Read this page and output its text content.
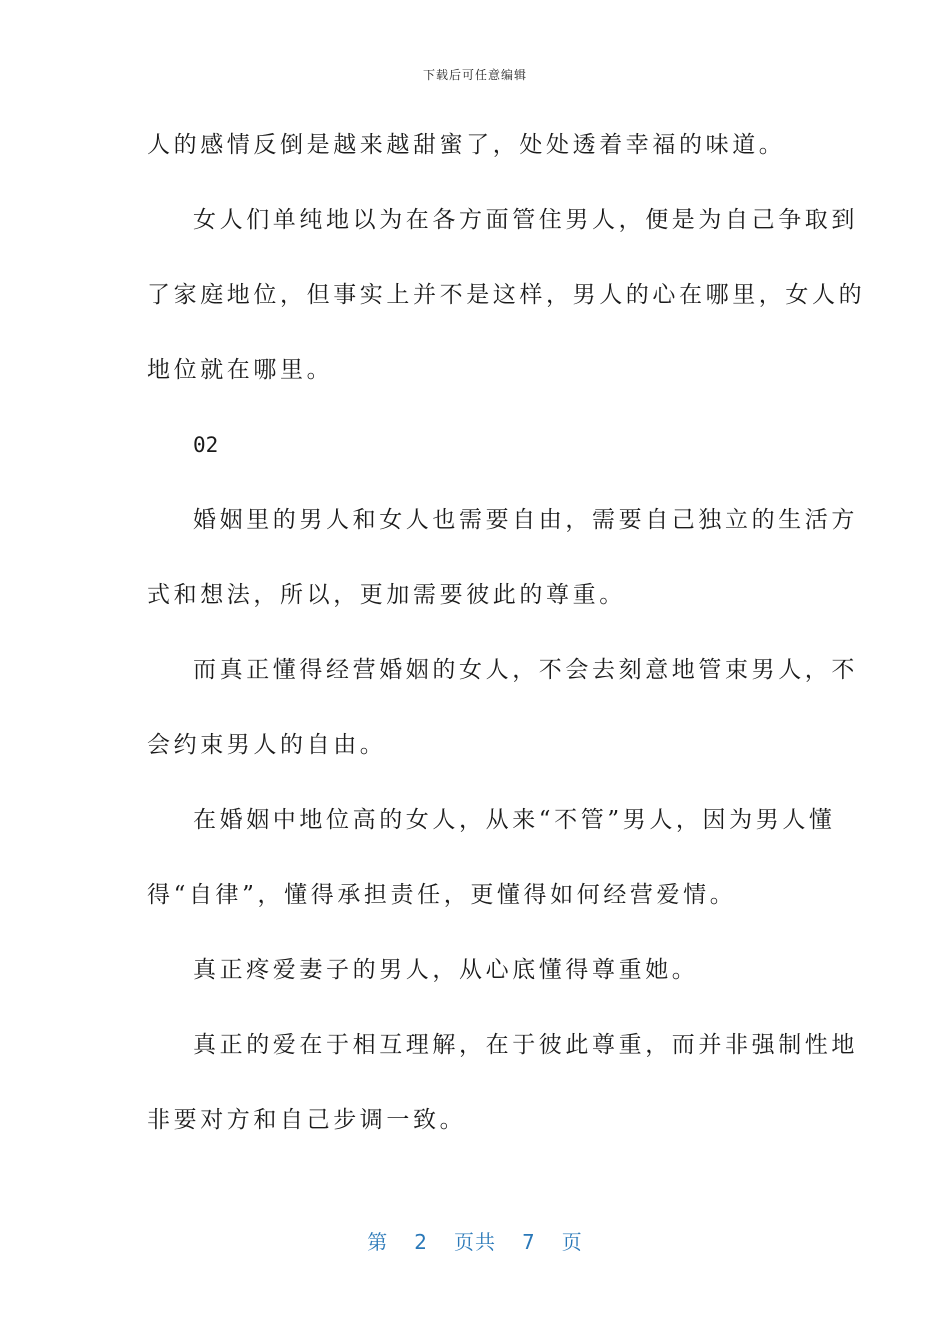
下载后可任意编辑
人的感情反倒是越来越甜蜜了，处处透着幸福的味道。
女人们单纯地以为在各方面管住男人，便是为自己争取到
了家庭地位，但事实上并不是这样，男人的心在哪里，女人的
地位就在哪里。
02
婚姻里的男人和女人也需要自由，需要自己独立的生活方
式和想法，所以，更加需要彼此的尊重。
而真正懂得经营婚姻的女人，不会去刻意地管束男人，不
会约束男人的自由。
在婚姻中地位高的女人，从来“不管”男人，因为男人懂
得“自律”，懂得承担责任，更懂得如何经营爱情。
真正疼爱妻子的男人，从心底懂得尊重她。
真正的爱在于相互理解，在于彼此尊重，而并非强制性地
非要对方和自己步调一致。
第 2 页共 7 页
